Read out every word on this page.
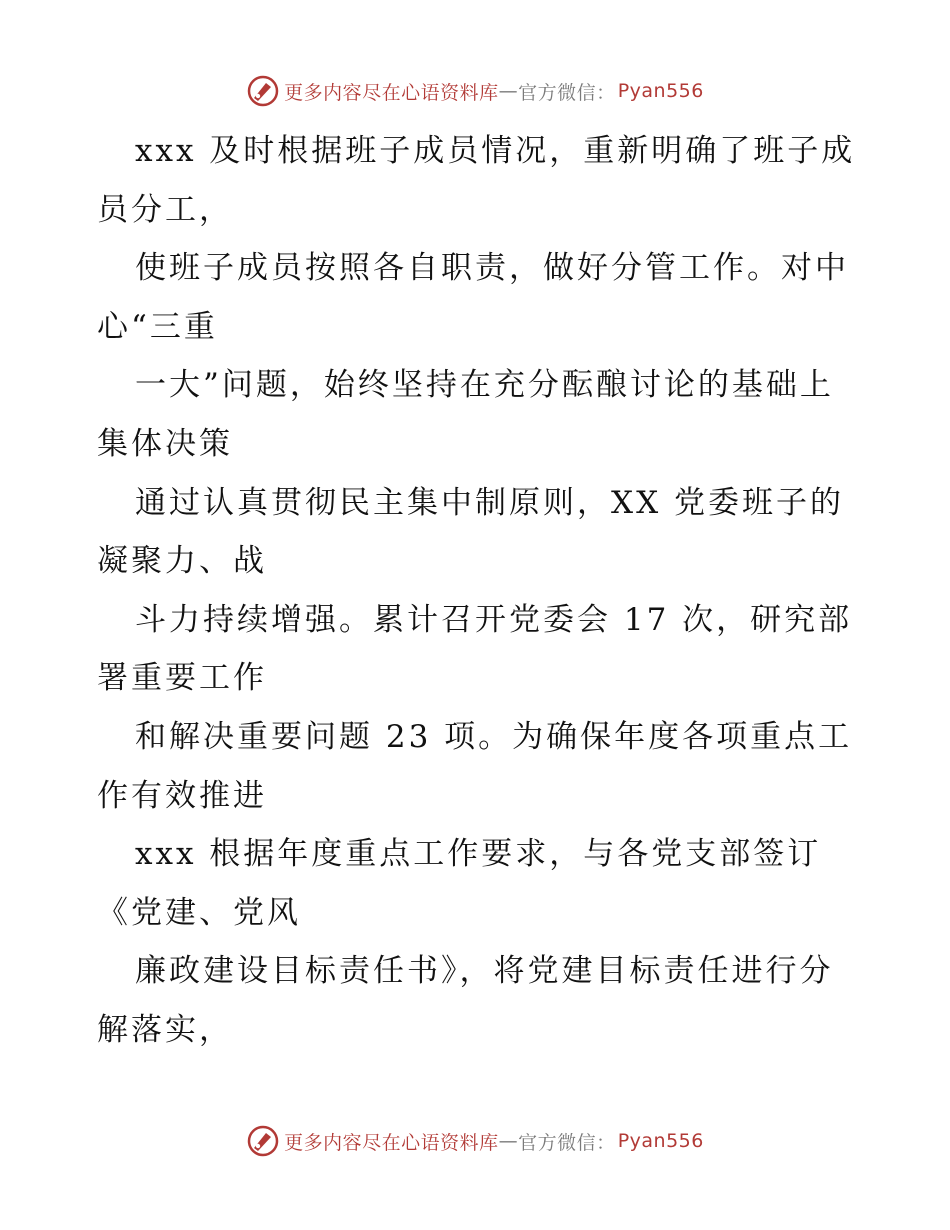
更多内容尽在心语资料库 — 官方微信： Pyan556
xxx 及时根据班子成员情况，重新明确了班子成
员分工，
使班子成员按照各自职责，做好分管工作。对中
心“三重
一大”问题，始终坚持在充分酝酿讨论的基础上
集体决策
通过认真贯彻民主集中制原则，XX 党委班子的
凝聚力、战
斗力持续增强。累计召开党委会 17 次，研究部
署重要工作
和解决重要问题 23 项。为确保年度各项重点工
作有效推进
xxx 根据年度重点工作要求，与各党支部签订
《党建、党风
廉政建设目标责任书》，将党建目标责任进行分
解落实，
更多内容尽在心语资料库 — 官方微信： Pyan556
